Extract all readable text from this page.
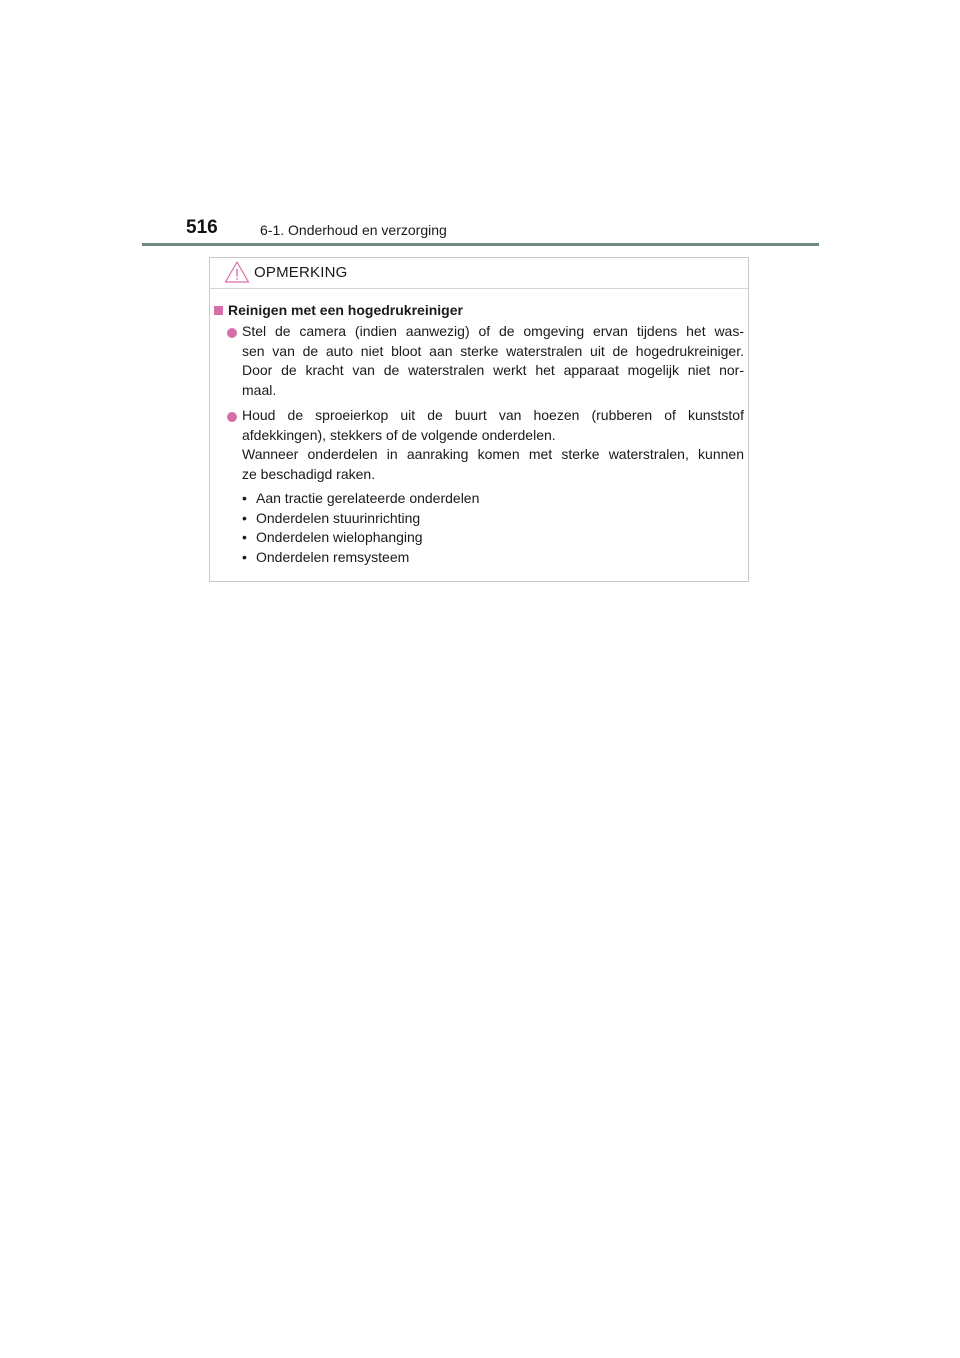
516	6-1. Onderhoud en verzorging
OPMERKING
Reinigen met een hogedrukreiniger

Stel de camera (indien aanwezig) of de omgeving ervan tijdens het was-
sen van de auto niet bloot aan sterke waterstralen uit de hogedrukreiniger.
Door de kracht van de waterstralen werkt het apparaat mogelijk niet nor-
maal.

Houd de sproeierkop uit de buurt van hoezen (rubberen of kunststof
afdekkingen), stekkers of de volgende onderdelen.
Wanneer onderdelen in aanraking komen met sterke waterstralen, kunnen
ze beschadigd raken.

• Aan tractie gerelateerde onderdelen
• Onderdelen stuurinrichting
• Onderdelen wielophanging
• Onderdelen remsysteem
